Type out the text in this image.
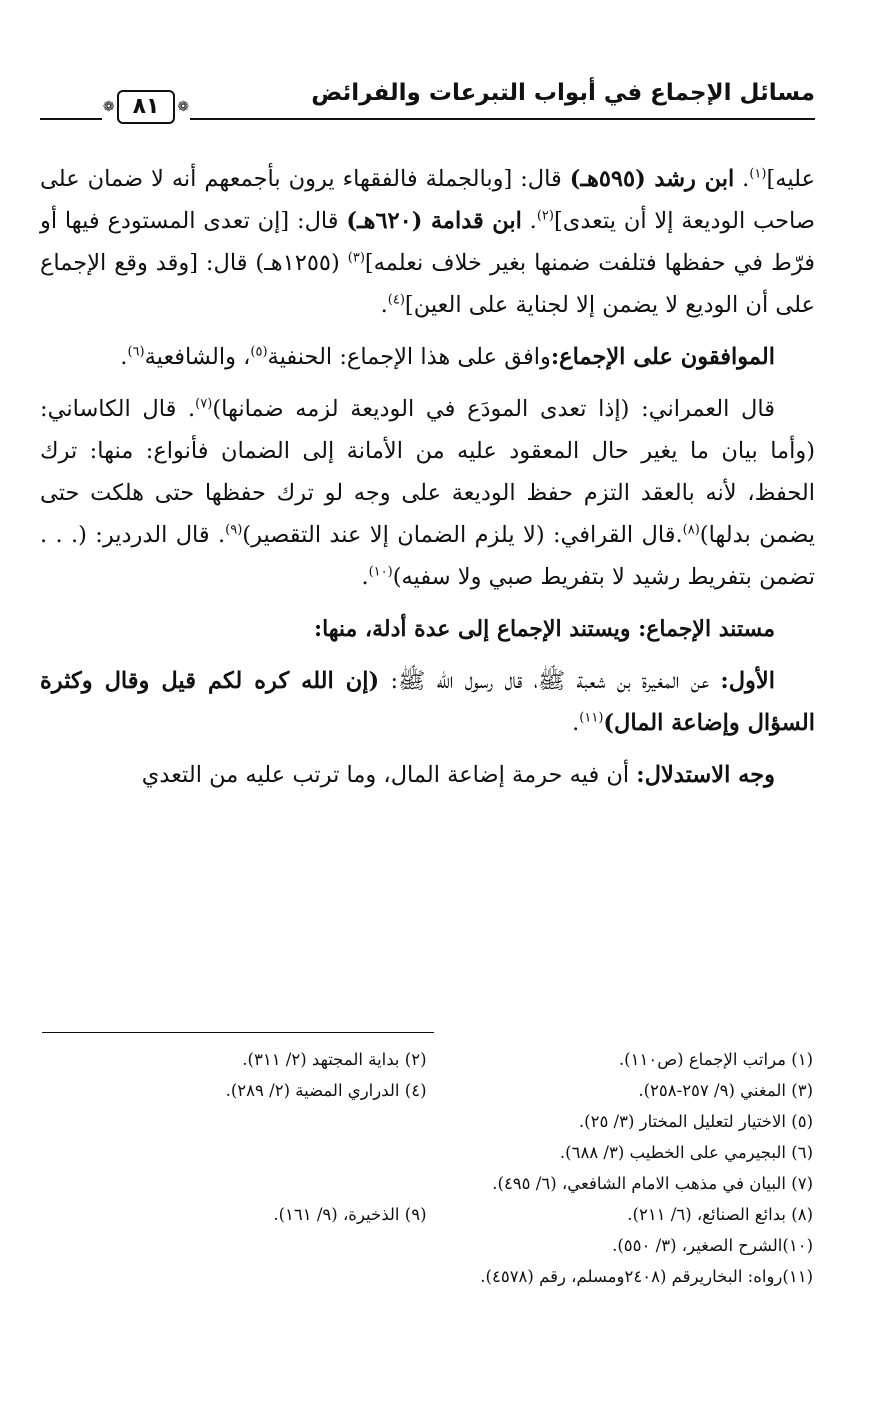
مسائل الإجماع في أبواب التبرعات والفرائض
❁
٨١
❁

عليه]$^{(١)}$. ابن رشد (٥٩٥هـ) قال: [وبالجملة فالفقهاء يرون بأجمعهم أنه لا ضمان على صاحب الوديعة إلا أن يتعدى]$^{(٢)}$. ابن قدامة (٦٢٠هـ) قال: [إن تعدى المستودع فيها أو فرّط في حفظها فتلفت ضمنها بغير خلاف نعلمه]$^{(٣)}$ (١٢٥٥هـ) قال: [وقد وقع الإجماع على أن الوديع لا يضمن إلا لجناية على العين]$^{(٤)}$.

الموافقون على الإجماع:وافق على هذا الإجماع: الحنفية$^{(٥)}$، والشافعية$^{(٦)}$.

قال العمراني: (إذا تعدى المودَع في الوديعة لزمه ضمانها)$^{(٧)}$. قال الكاساني: (وأما بيان ما يغير حال المعقود عليه من الأمانة إلى الضمان فأنواع: منها: ترك الحفظ، لأنه بالعقد التزم حفظ الوديعة على وجه لو ترك حفظها حتى هلكت حتى يضمن بدلها)$^{(٨)}$.قال القرافي: (لا يلزم الضمان إلا عند التقصير)$^{(٩)}$. قال الدردير: (. . . تضمن بتفريط رشيد لا بتفريط صبي ولا سفيه)$^{(١٠)}$.

مستند الإجماع: ويستند الإجماع إلى عدة أدلة، منها:

الأول: عن المغيرة بن شعبة ﷺ، قال رسول الله ﷺ: (إن الله كره لكم قيل وقال وكثرة السؤال وإضاعة المال)$^{(١١)}$.

وجه الاستدلال: أن فيه حرمة إضاعة المال، وما ترتب عليه من التعدي

(١) مراتب الإجماع (ص١١٠).
(٢) بداية المجتهد (٢/ ٣١١).
(٣) المغني (٩/ ٢٥٧-٢٥٨).
(٤) الدراري المضية (٢/ ٢٨٩).
(٥) الاختيار لتعليل المختار (٣/ ٢٥).
(٦) البجيرمي على الخطيب (٣/ ٦٨٨).
(٧) البيان في مذهب الامام الشافعي، (٦/ ٤٩٥).
(٨) بدائع الصنائع، (٦/ ٢١١).
(٩) الذخيرة، (٩/ ١٦١).
(١٠)الشرح الصغير، (٣/ ٥٥٠).
(١١)رواه: البخاريرقم (٢٤٠٨ومسلم، رقم (٤٥٧٨).
